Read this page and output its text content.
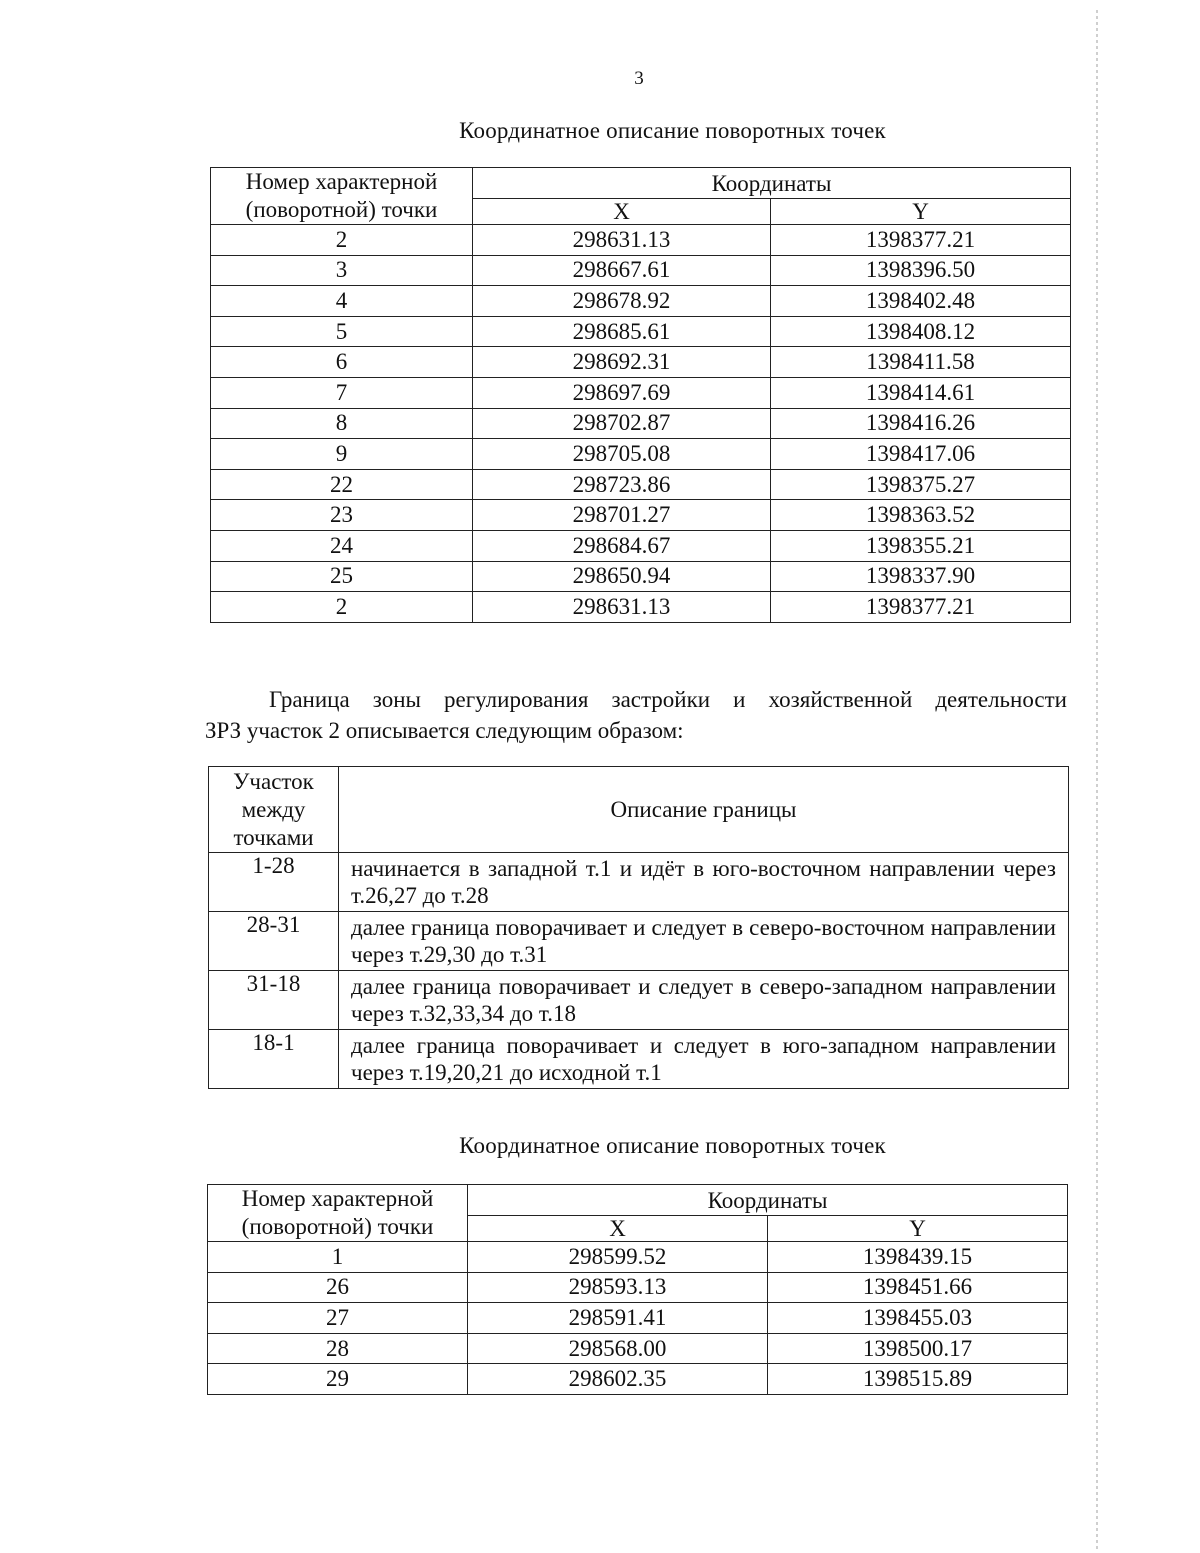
3
Координатное описание поворотных точек
Номер характерной (поворотной) точки	Координаты	
	X	Y
2	298631.13	1398377.21
3	298667.61	1398396.50
4	298678.92	1398402.48
5	298685.61	1398408.12
6	298692.31	1398411.58
7	298697.69	1398414.61
8	298702.87	1398416.26
9	298705.08	1398417.06
22	298723.86	1398375.27
23	298701.27	1398363.52
24	298684.67	1398355.21
25	298650.94	1398337.90
2	298631.13	1398377.21
Граница зоны регулирования застройки и хозяйственной деятельности
ЗРЗ участок 2 описывается следующим образом:
Участок между точками	Описание границы
1-28	начинается в западной т.1 и идёт в юго-восточном направлении через т.26,27 до т.28
28-31	далее граница поворачивает и следует в северо-восточном направлении через т.29,30 до т.31
31-18	далее граница поворачивает и следует в северо-западном направлении через т.32,33,34 до т.18
18-1	далее граница поворачивает и следует в юго-западном направлении через т.19,20,21 до исходной т.1
Координатное описание поворотных точек
Номер характерной (поворотной) точки	Координаты	
	X	Y
1	298599.52	1398439.15
26	298593.13	1398451.66
27	298591.41	1398455.03
28	298568.00	1398500.17
29	298602.35	1398515.89
